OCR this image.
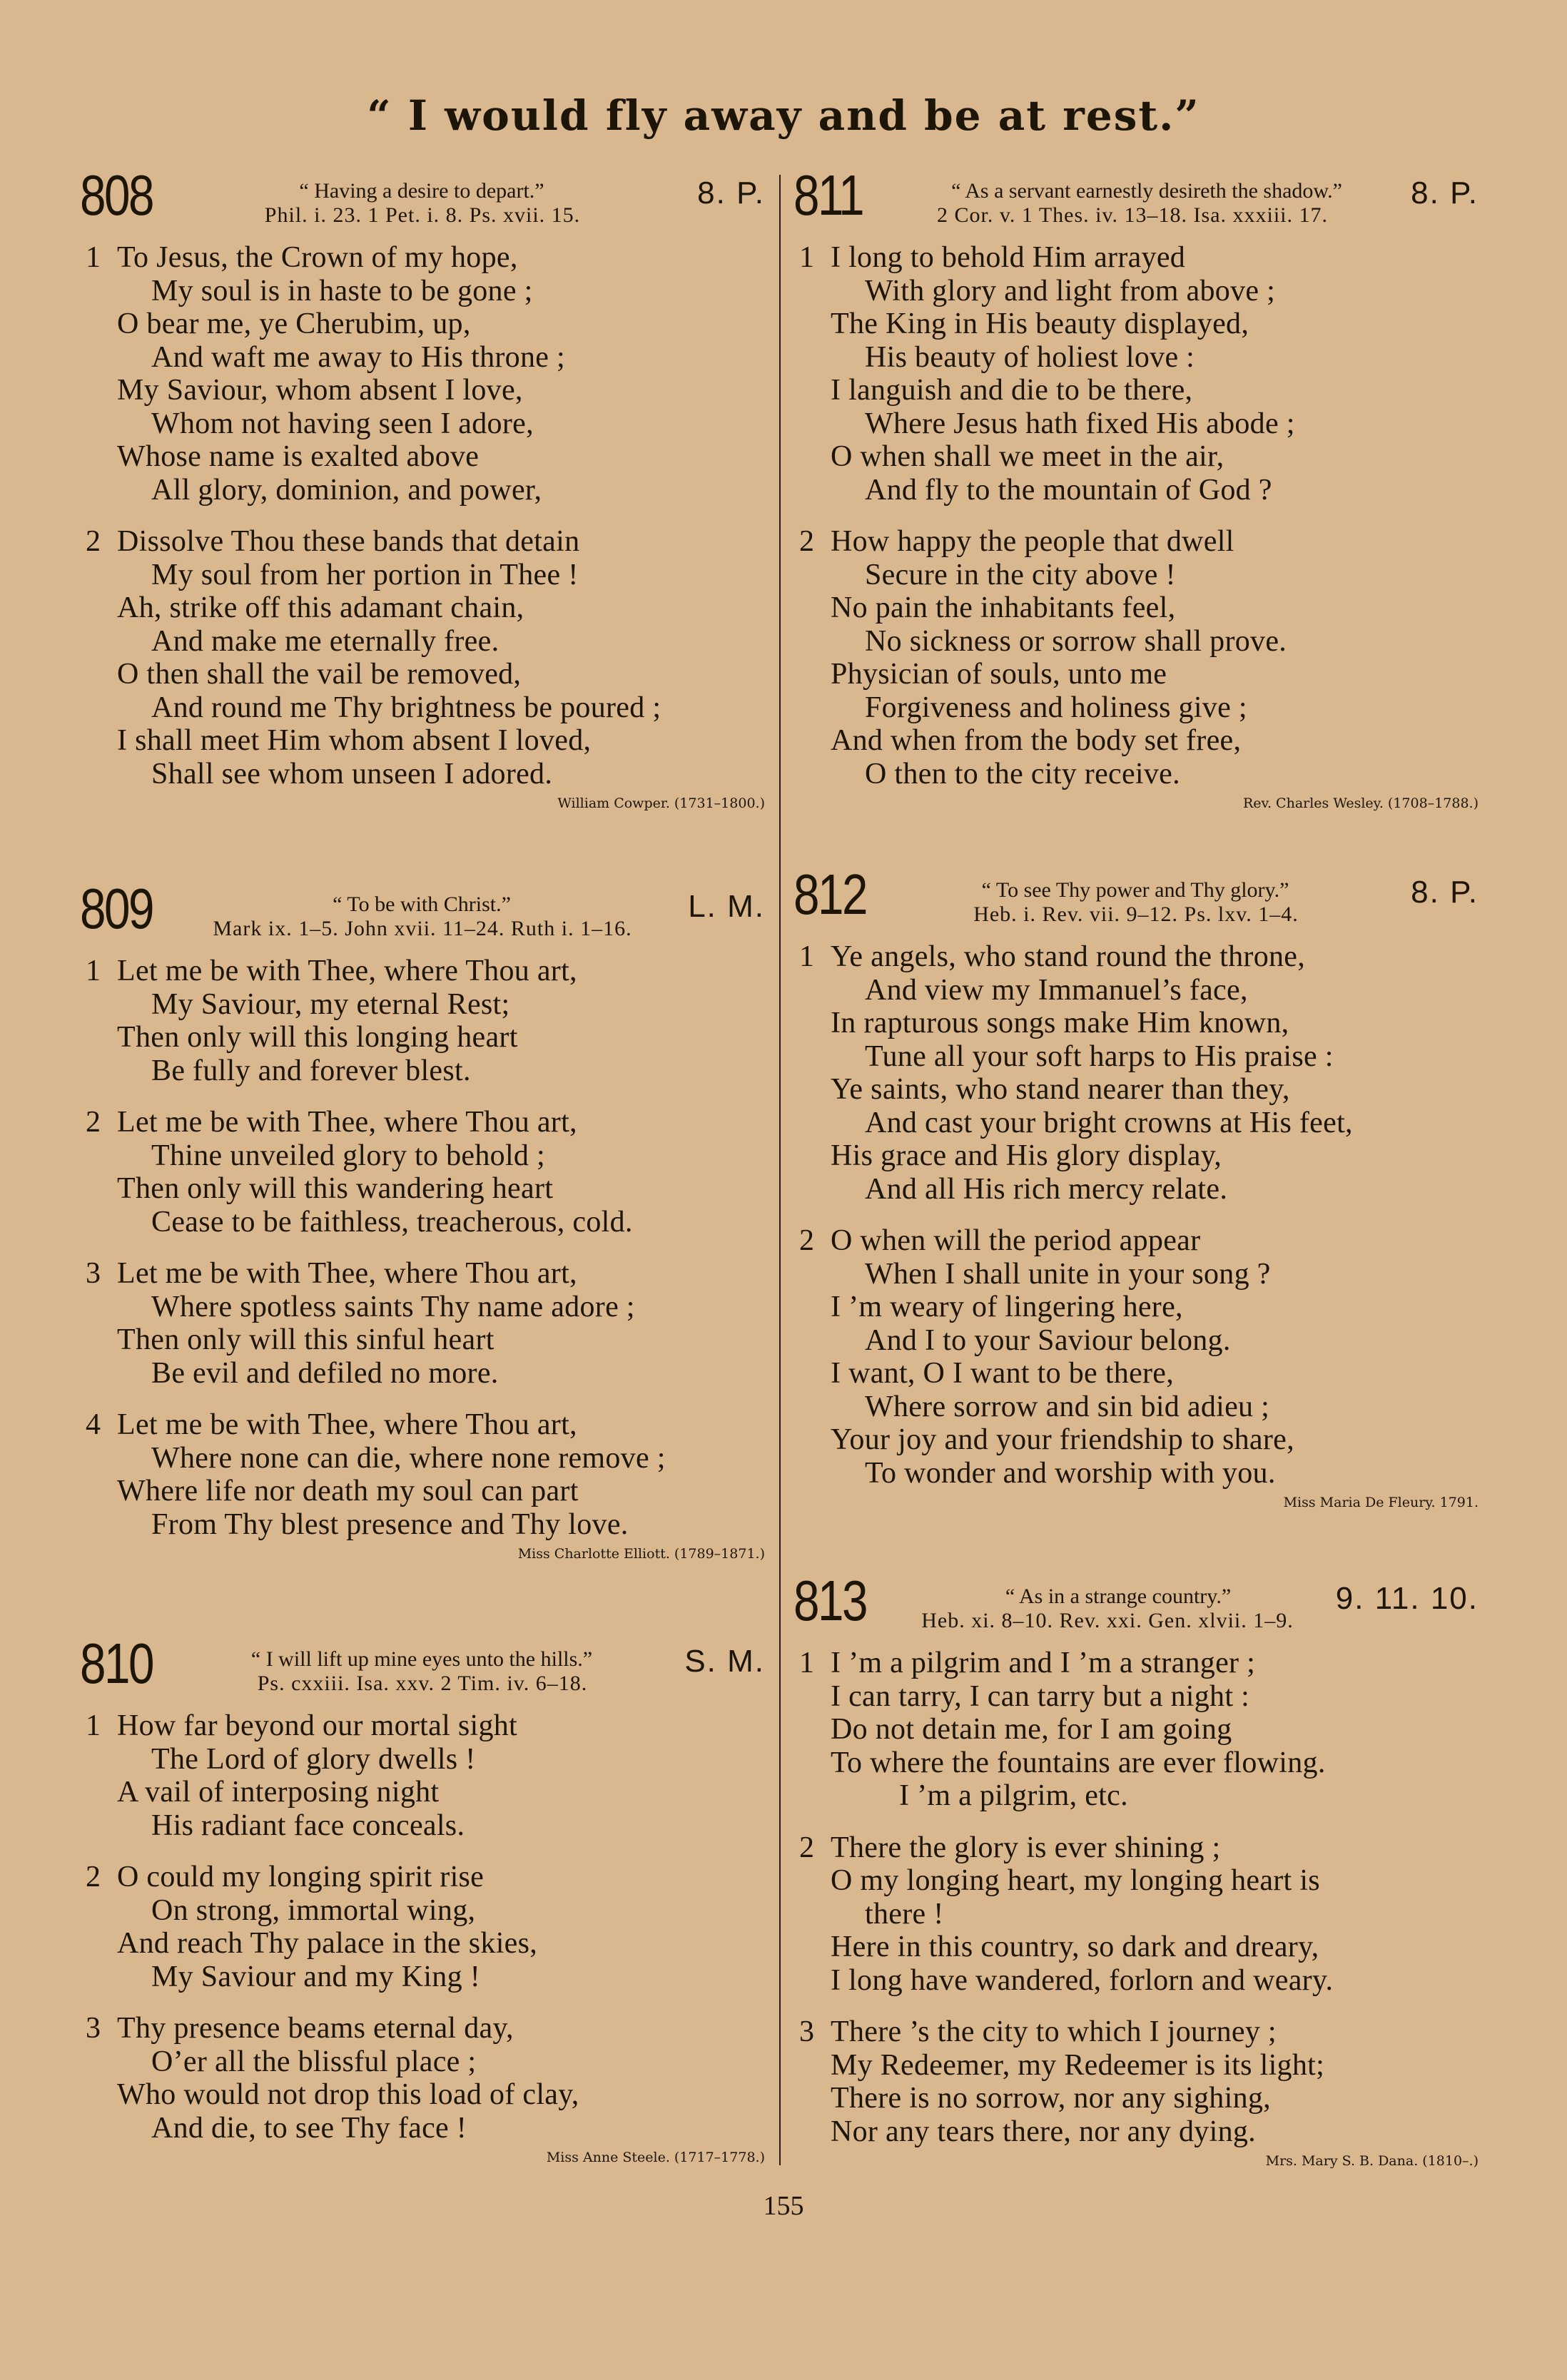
“ I would fly away and be at rest.”
808	“ Having a desire to depart.”
Phil. i. 23. 1 Pet. i. 8. Ps. xvii. 15.
8. P.
1 To Jesus, the Crown of my hope,
My soul is in haste to be gone ;
O bear me, ye Cherubim, up,
And waft me away to His throne ;
My Saviour, whom absent I love,
Whom not having seen I adore,
Whose name is exalted above
All glory, dominion, and power,
2 Dissolve Thou these bands that detain
My soul from her portion in Thee !
Ah, strike off this adamant chain,
And make me eternally free.
O then shall the vail be removed,
And round me Thy brightness be poured ;
I shall meet Him whom absent I loved,
Shall see whom unseen I adored.
William Cowper. (1731–1800.)
809	“ To be with Christ.”
Mark ix. 1–5. John xvii. 11–24. Ruth i. 1–16.
L. M.
1 Let me be with Thee, where Thou art,
My Saviour, my eternal Rest;
Then only will this longing heart
Be fully and forever blest.
2 Let me be with Thee, where Thou art,
Thine unveiled glory to behold ;
Then only will this wandering heart
Cease to be faithless, treacherous, cold.
3 Let me be with Thee, where Thou art,
Where spotless saints Thy name adore ;
Then only will this sinful heart
Be evil and defiled no more.
4 Let me be with Thee, where Thou art,
Where none can die, where none remove ;
Where life nor death my soul can part
From Thy blest presence and Thy love.
Miss Charlotte Elliott. (1789–1871.)
810	“ I will lift up mine eyes unto the hills.”
Ps. cxxiii. Isa. xxv. 2 Tim. iv. 6–18.
S. M.
1 How far beyond our mortal sight
The Lord of glory dwells !
A vail of interposing night
His radiant face conceals.
2 O could my longing spirit rise
On strong, immortal wing,
And reach Thy palace in the skies,
My Saviour and my King !
3 Thy presence beams eternal day,
O’er all the blissful place ;
Who would not drop this load of clay,
And die, to see Thy face !
Miss Anne Steele. (1717–1778.)
811	“ As a servant earnestly desireth the shadow.”
2 Cor. v. 1 Thes. iv. 13–18. Isa. xxxiii. 17.
8. P.
1 I long to behold Him arrayed
With glory and light from above ;
The King in His beauty displayed,
His beauty of holiest love :
I languish and die to be there,
Where Jesus hath fixed His abode ;
O when shall we meet in the air,
And fly to the mountain of God ?
2 How happy the people that dwell
Secure in the city above !
No pain the inhabitants feel,
No sickness or sorrow shall prove.
Physician of souls, unto me
Forgiveness and holiness give ;
And when from the body set free,
O then to the city receive.
Rev. Charles Wesley. (1708–1788.)
812	“ To see Thy power and Thy glory.”
Heb. i. Rev. vii. 9–12. Ps. lxv. 1–4.
8. P.
1 Ye angels, who stand round the throne,
And view my Immanuel’s face,
In rapturous songs make Him known,
Tune all your soft harps to His praise :
Ye saints, who stand nearer than they,
And cast your bright crowns at His feet,
His grace and His glory display,
And all His rich mercy relate.
2 O when will the period appear
When I shall unite in your song ?
I ’m weary of lingering here,
And I to your Saviour belong.
I want, O I want to be there,
Where sorrow and sin bid adieu ;
Your joy and your friendship to share,
To wonder and worship with you.
Miss Maria De Fleury. 1791.
813	“ As in a strange country.”
Heb. xi. 8–10. Rev. xxi. Gen. xlvii. 1–9.
9. 11. 10.
1 I ’m a pilgrim and I ’m a stranger ;
I can tarry, I can tarry but a night :
Do not detain me, for I am going
To where the fountains are ever flowing.
I ’m a pilgrim, etc.
2 There the glory is ever shining ;
O my longing heart, my longing heart is
there !
Here in this country, so dark and dreary,
I long have wandered, forlorn and weary.
3 There ’s the city to which I journey ;
My Redeemer, my Redeemer is its light;
There is no sorrow, nor any sighing,
Nor any tears there, nor any dying.
Mrs. Mary S. B. Dana. (1810–.)
155
